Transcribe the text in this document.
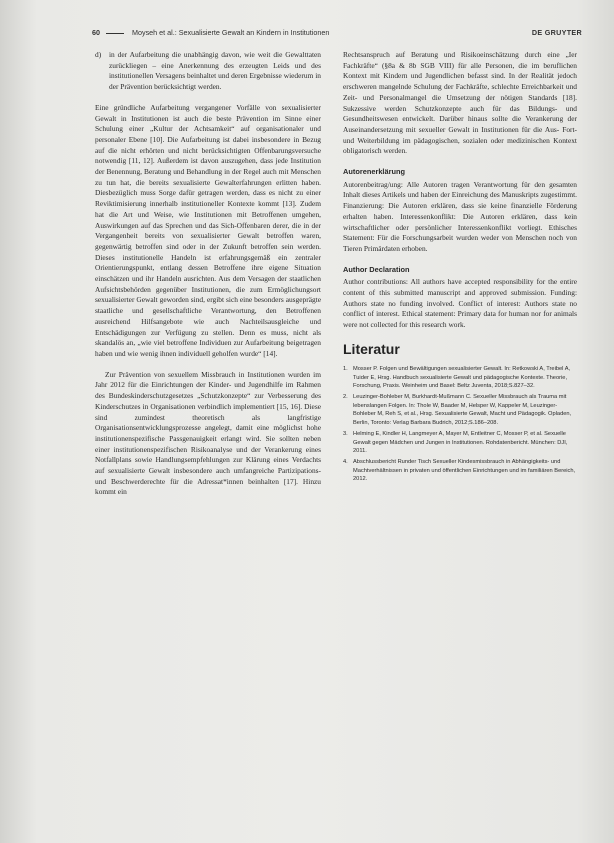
60	Moyseh et al.: Sexualisierte Gewalt an Kindern in Institutionen	DE GRUYTER
d)	in der Aufarbeitung die unabhängig davon, wie weit die Gewalttaten zurückliegen – eine Anerkennung des erzeugten Leids und des institutionellen Versagens beinhaltet und deren Ergebnisse wiederum in der Prävention berücksichtigt werden.

Eine gründliche Aufarbeitung vergangener Vorfälle von sexualisierter Gewalt in Institutionen ist auch die beste Prävention im Sinne einer Schulung einer „Kultur der Achtsamkeit“ auf organisationaler und personaler Ebene [10]. Die Aufarbeitung ist dabei insbesondere in Bezug auf die nicht erhörten und nicht berücksichtigten Offenbarungsversuche notwendig [11, 12]. Außerdem ist davon auszugehen, dass jede Institution der Benennung, Beratung und Behandlung in der Regel auch mit Menschen zu tun hat, die bereits sexualisierte Gewalterfahrungen erlitten haben. Diesbezüglich muss Sorge dafür getragen werden, dass es nicht zu einer Reviktimisierung innerhalb institutioneller Kontexte kommt [13]. Zudem hat die Art und Weise, wie Institutionen mit Betroffenen umgehen, Auswirkungen auf das Sprechen und das Sich-Offenbaren derer, die in der Vergangenheit bereits von sexualisierter Gewalt betroffen waren, gegenwärtig betroffen sind oder in der Zukunft betroffen sein werden. Dieses institutionelle Handeln ist erfahrungsgemäß ein zentraler Orientierungspunkt, entlang dessen Betroffene ihre eigene Situation einschätzen und ihr Handeln ausrichten. Aus dem Versagen der staatlichen Aufsichtsbehörden gegenüber Institutionen, die zum Ermöglichungsort sexualisierter Gewalt geworden sind, ergibt sich eine besonders ausgeprägte staatliche und gesellschaftliche Verantwortung, den Betroffenen ausreichend Hilfsangebote wie auch Nachteilsausgleiche und Entschädigungen zur Verfügung zu stellen. Denn es muss, nicht als skandalös an, „wie viel betroffene Individuen zur Aufarbeitung beigetragen haben und wie wenig ihnen individuell geholfen wurde“ [14].

Zur Prävention von sexuellem Missbrauch in Institutionen wurden im Jahr 2012 für die Einrichtungen der Kinder- und Jugendhilfe im Rahmen des Bundeskinderschutzgesetzes „Schutzkonzepte“ zur Verbesserung des Kinderschutzes in Organisationen verbindlich implementiert [15, 16]. Diese sind zumindest theoretisch als langfristige Organisationsentwicklungsprozesse angelegt, damit eine möglichst hohe institutionenspezifische Passgenauigkeit erlangt wird. Sie sollten neben einer institutionenspezifischen Risikoanalyse und der Verankerung eines Notfallplans sowie Handlungsempfehlungen zur Klärung eines Verdachts auf sexualisierte Gewalt insbesondere auch umfangreiche Partizipations- und Beschwerderechte für die Adressat*innen beinhalten [17]. Hinzu kommt ein

Rechtsanspruch auf Beratung und Risikoeinschätzung durch eine „Ier Fachkräfte“ (§8a & 8b SGB VIII) für alle Personen, die im beruflichen Kontext mit Kindern und Jugendlichen befasst sind. In der Realität jedoch erschweren mangelnde Schulung der Fachkräfte, schlechte Erreichbarkeit und Zeit- und Personalmangel die Umsetzung der nötigen Standards [18]. Sukzessive werden Schutzkonzepte auch für das Bildungs- und Gesundheitswesen entwickelt. Darüber hinaus sollte die Verankerung der Auseinandersetzung mit sexueller Gewalt in Institutionen für die Aus- Fort- und Weiterbildung im pädagogischen, sozialen oder medizinischen Kontext obligatorisch werden.

Autorenerklärung

Autorenbeitrag/ung: Alle Autoren tragen Verantwortung für den gesamten Inhalt dieses Artikels und haben der Einreichung des Manuskripts zugestimmt. Finanzierung: Die Autoren erklären, dass sie keine finanzielle Förderung erhalten haben. Interessenkonflikt: Die Autoren erklären, dass kein wirtschaftlicher oder persönlicher Interessenkonflikt vorliegt. Ethisches Statement: Für die Forschungsarbeit wurden weder von Menschen noch von Tieren Primärdaten erhoben.

Author Declaration

Author contributions: All authors have accepted responsibility for the entire content of this submitted manuscript and approved submission. Funding: Authors state no funding involved. Conflict of interest: Authors state no conflict of interest. Ethical statement: Primary data for human nor for animals were not collected for this research work.

Literatur
1. Mosser P. Folgen und Bewältigungen sexualisierter Gewalt. In: Retkowski A, Treibel A, Tuider E, Hrsg. Handbuch sexualisierte Gewalt und pädagogische Kontexte. Theorie, Forschung, Praxis. Weinheim und Basel: Beltz Juventa, 2018;S.827–32.
2. Leuzinger-Bohleber M, Burkhardt-Mußmann C. Sexueller Missbrauch als Trauma mit lebenslangen Folgen. In: Thole W, Baader M, Helsper W, Kappeler M, Leuzinger-Bohleber M, Reh S, et al., Hrsg. Sexualisierte Gewalt, Macht und Pädagogik. Opladen, Berlin, Toronto: Verlag Barbara Budrich, 2012;S.186–208.
3. Helming E, Kindler H, Langmeyer A, Mayer M, Entleitner C, Mosser P, et al. Sexuelle Gewalt gegen Mädchen und Jungen in Institutionen. Rohdatenbericht. München: DJI, 2011.
4. Abschlussbericht Runder Tisch Sexueller Kindesmissbrauch in Abhängigkeits- und Machtverhältnissen in privaten und öffentlichen Einrichtungen und im familiären Bereich, 2012.
